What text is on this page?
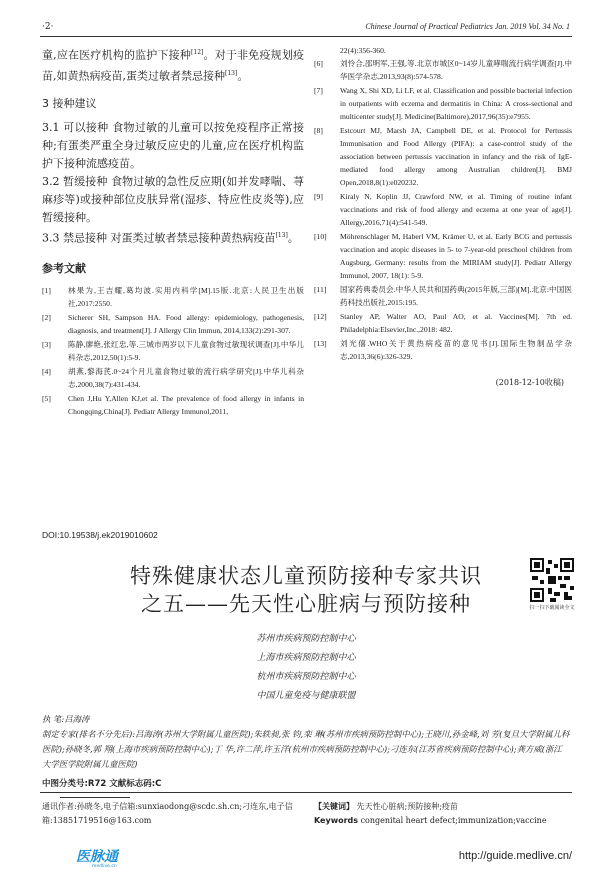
·2·	Chinese Journal of Practical Pediatrics Jan. 2019 Vol. 34 No. 1

童,应在医疗机构的监护下接种[12]。对于非免疫规划疫苗,如黄热病疫苗,蛋类过敏者禁忌接种[13]。

3 接种建议

3.1 可以接种 食物过敏的儿童可以按免疫程序正常接种;有蛋类严重全身过敏反应史的儿童,应在医疗机构监护下接种流感疫苗。

3.2 暂缓接种 食物过敏的急性反应期(如并发哮喘、荨麻疹等)或接种部位皮肤异常(湿疹、特应性皮炎等),应暂缓接种。

3.3 禁忌接种 对蛋类过敏者禁忌接种黄热病疫苗[13]。

参考文献
[1] 林果为,王吉耀,葛均波.实用内科学[M].15版.北京:人民卫生出版社,2017:2550.
[2] Sicherer SH, Sampson HA. Food allergy: epidemiology, pathogenesis, diagnosis, and treatment[J]. J Allergy Clin Immun, 2014,133(2):291-307.
[3] 陈静,廖艳,张红忠,等.三城市两岁以下儿童食物过敏现状调查[J].中华儿科杂志,2012,50(1):5-9.
[4] 胡燕,黎海芪.0~24个月儿童食物过敏的流行病学研究[J].中华儿科杂志,2000,38(7):431-434.
[5] Chen J,Hu Y,Allen KJ,et al. The prevalence of food allergy in infants in Chongqing,China[J]. Pediatr Allergy Immunol,2011,
22(4):356-360.
[6] 刘怜合,邵明军,王强,等.北京市城区0~14岁儿童哮喘流行病学调查[J].中华医学杂志,2013,93(8):574-578.
[7] Wang X, Shi XD, Li LF, et al. Classification and possible bacterial infection in outpatients with eczema and dermatitis in China: A cross-sectional and multicenter study[J]. Medicine(Baltimore),2017,96(35):e7955.
[8] Estcourt MJ, Marsh JA, Campbell DE, et al. Protocol for Pertussis Immunisation and Food Allergy (PIFA): a case-control study of the association between pertussis vaccination in infancy and the risk of IgE-mediated food allergy among Australian children[J]. BMJ Open,2018,8(1):e020232.
[9] Kiraly N, Koplin JJ, Crawford NW, et al. Timing of routine infant vaccinations and risk of food allergy and eczema at one year of age[J]. Allergy,2016,71(4):541-549.
[10] Möhrenschlager M, Haberl VM, Krämer U, et al. Early BCG and pertussis vaccination and atopic diseases in 5- to 7-year-old preschool children from Augsburg, Germany: results from the MIRIAM study[J]. Pediatr Allergy Immunol, 2007, 18(1): 5-9.
[11] 国家药典委员会.中华人民共和国药典(2015年版,三部)[M].北京:中国医药科技出版社,2015:195.
[12] Stanley AP, Walter AO, Paul AO, et al. Vaccines[M]. 7th ed. Philadelphia:Elsevier,Inc.,2018: 482.
[13] 刘光僖.WHO关于黄热病疫苗的意见书[J].国际生物制品学杂志,2013,36(6):326-329.
(2018-12-10收稿)
DOI:10.19538/j.ek2019010602
特殊健康状态儿童预防接种专家共识
之五——先天性心脏病与预防接种	扫一扫下载阅读全文
苏州市疾病预防控制中心
上海市疾病预防控制中心
杭州市疾病预防控制中心
中国儿童免疫与健康联盟
执 笔:吕海涛
制定专家(排名不分先后):吕海涛(苏州大学附属儿童医院);朱轶昶,张 钧,栾 琳(苏州市疾病预防控制中心);王晓川,孙金峰,刘 芳(复旦大学附属儿科医院);孙晓冬,郭 翔(上海市疾病预防控制中心);丁 华,许二萍,许玉洋(杭州市疾病预防控制中心);刁连东(江苏省疾病预防控制中心);龚方威(浙江大学医学院附属儿童医院)
中图分类号:R72 文献标志码:C
通讯作者:孙晓冬,电子信箱:sunxiaodong@scdc.sh.cn;刁连东,电子信箱:13851719516@163.com
【关键词】 先天性心脏病;预防接种;疫苗
Keywords congenital heart defect;immunization;vaccine
医脉通
medlive.cn
http://guide.medlive.cn/
